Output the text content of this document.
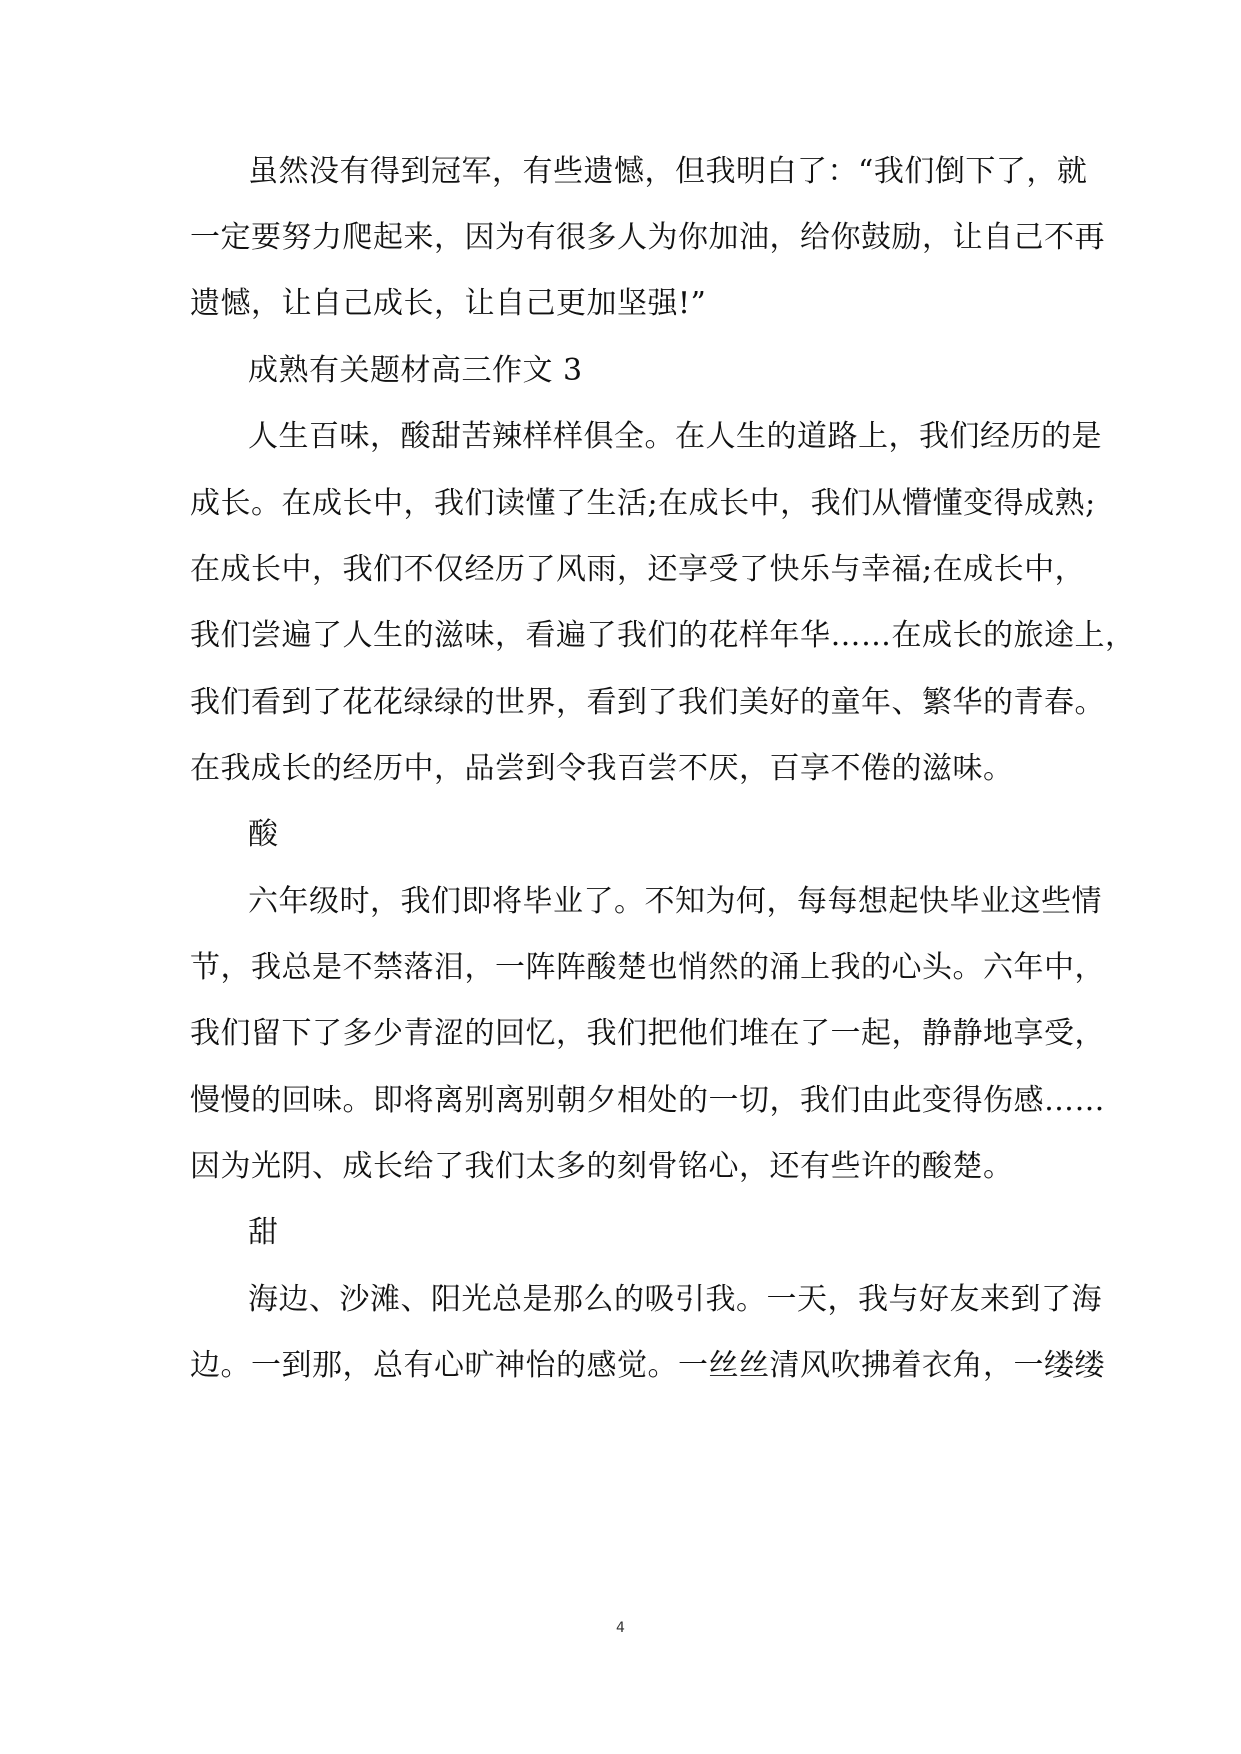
虽然没有得到冠军，有些遗憾，但我明白了：“我们倒下了，就
一定要努力爬起来，因为有很多人为你加油，给你鼓励，让自己不再
遗憾，让自己成长，让自己更加坚强!”
成熟有关题材高三作文 3
人生百味，酸甜苦辣样样俱全。在人生的道路上，我们经历的是
成长。在成长中，我们读懂了生活;在成长中，我们从懵懂变得成熟;
在成长中，我们不仅经历了风雨，还享受了快乐与幸福;在成长中，
我们尝遍了人生的滋味，看遍了我们的花样年华……在成长的旅途上，
我们看到了花花绿绿的世界，看到了我们美好的童年、繁华的青春。
在我成长的经历中，品尝到令我百尝不厌，百享不倦的滋味。
酸
六年级时，我们即将毕业了。不知为何，每每想起快毕业这些情
节，我总是不禁落泪，一阵阵酸楚也悄然的涌上我的心头。六年中，
我们留下了多少青涩的回忆，我们把他们堆在了一起，静静地享受，
慢慢的回味。即将离别离别朝夕相处的一切，我们由此变得伤感……
因为光阴、成长给了我们太多的刻骨铭心，还有些许的酸楚。
甜
海边、沙滩、阳光总是那么的吸引我。一天，我与好友来到了海
边。一到那，总有心旷神怡的感觉。一丝丝清风吹拂着衣角，一缕缕
4
